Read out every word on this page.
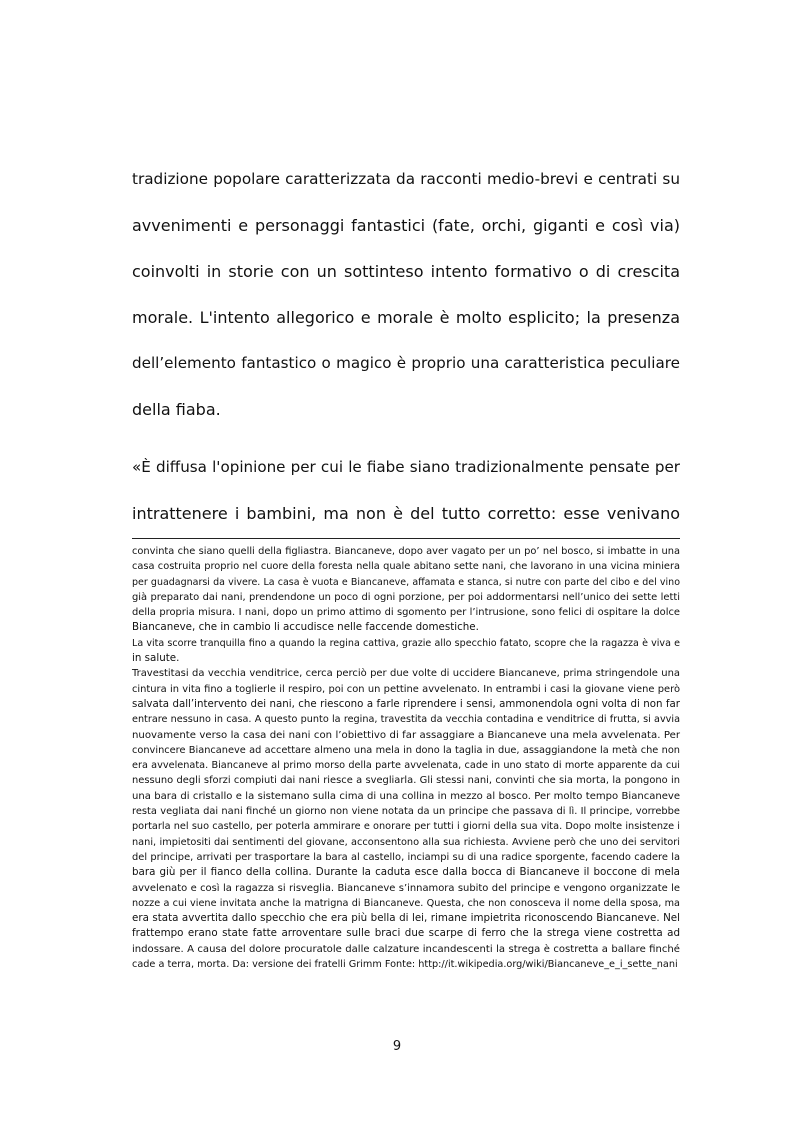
tradizione popolare caratterizzata da racconti medio-brevi e centrati su
avvenimenti e personaggi fantastici (fate, orchi, giganti e così via)
coinvolti in storie con un sottinteso intento formativo o di crescita
morale. L'intento allegorico e morale è molto esplicito; la presenza
dell’elemento fantastico o magico è proprio una caratteristica peculiare
della fiaba.
«È diffusa l'opinione per cui le fiabe siano tradizionalmente pensate per
intrattenere i bambini, ma non è del tutto corretto: esse venivano
convinta che siano quelli della figliastra. Biancaneve, dopo aver vagato per un po’ nel bosco, si imbatte in una
casa costruita proprio nel cuore della foresta nella quale abitano sette nani, che lavorano in una vicina miniera
per guadagnarsi da vivere. La casa è vuota e Biancaneve, affamata e stanca, si nutre con parte del cibo e del vino
già preparato dai nani, prendendone un poco di ogni porzione, per poi addormentarsi nell’unico dei sette letti
della propria misura. I nani, dopo un primo attimo di sgomento per l’intrusione, sono felici di ospitare la dolce
Biancaneve, che in cambio li accudisce nelle faccende domestiche.
La vita scorre tranquilla fino a quando la regina cattiva, grazie allo specchio fatato, scopre che la ragazza è viva e
in salute.
Travestitasi da vecchia venditrice, cerca perciò per due volte di uccidere Biancaneve, prima stringendole una
cintura in vita fino a toglierle il respiro, poi con un pettine avvelenato. In entrambi i casi la giovane viene però
salvata dall’intervento dei nani, che riescono a farle riprendere i sensi, ammonendola ogni volta di non far
entrare nessuno in casa. A questo punto la regina, travestita da vecchia contadina e venditrice di frutta, si avvia
nuovamente verso la casa dei nani con l’obiettivo di far assaggiare a Biancaneve una mela avvelenata. Per
convincere Biancaneve ad accettare almeno una mela in dono la taglia in due, assaggiandone la metà che non
era avvelenata. Biancaneve al primo morso della parte avvelenata, cade in uno stato di morte apparente da cui
nessuno degli sforzi compiuti dai nani riesce a svegliarla. Gli stessi nani, convinti che sia morta, la pongono in
una bara di cristallo e la sistemano sulla cima di una collina in mezzo al bosco. Per molto tempo Biancaneve
resta vegliata dai nani finché un giorno non viene notata da un principe che passava di lì. Il principe, vorrebbe
portarla nel suo castello, per poterla ammirare e onorare per tutti i giorni della sua vita. Dopo molte insistenze i
nani, impietositi dai sentimenti del giovane, acconsentono alla sua richiesta. Avviene però che uno dei servitori
del principe, arrivati per trasportare la bara al castello, inciampi su di una radice sporgente, facendo cadere la
bara giù per il fianco della collina. Durante la caduta esce dalla bocca di Biancaneve il boccone di mela
avvelenato e così la ragazza si risveglia. Biancaneve s’innamora subito del principe e vengono organizzate le
nozze a cui viene invitata anche la matrigna di Biancaneve. Questa, che non conosceva il nome della sposa, ma
era stata avvertita dallo specchio che era più bella di lei, rimane impietrita riconoscendo Biancaneve. Nel
frattempo erano state fatte arroventare sulle braci due scarpe di ferro che la strega viene costretta ad
indossare. A causa del dolore procuratole dalle calzature incandescenti la strega è costretta a ballare finché
cade a terra, morta. Da: versione dei fratelli Grimm Fonte: http://it.wikipedia.org/wiki/Biancaneve_e_i_sette_nani
9
